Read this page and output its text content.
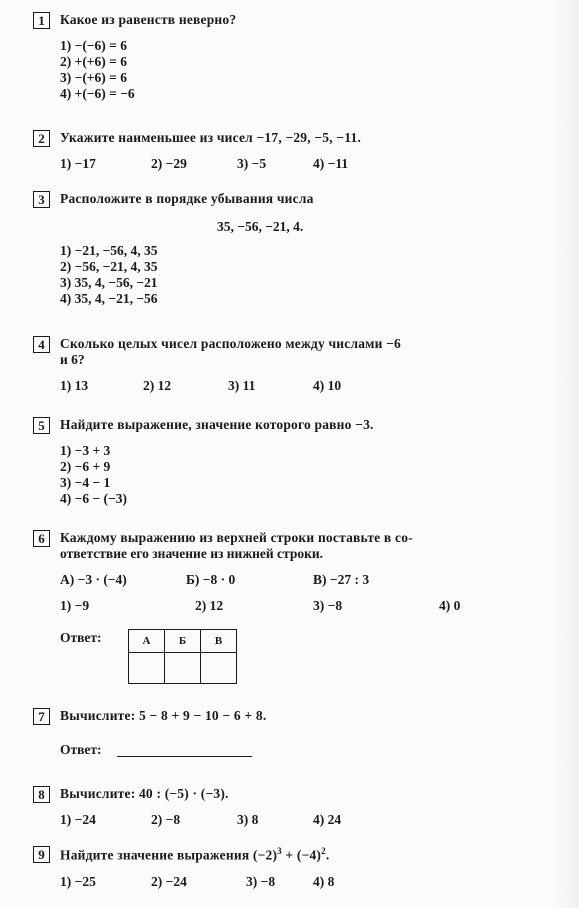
1	Какое из равенств неверно?
1) −(−6) = 6
2) +(+6) = 6
3) −(+6) = 6
4) +(−6) = −6
2	Укажите наименьшее из чисел −17, −29, −5, −11.
1) −17	2) −29	3) −5	4) −11
3	Расположите в порядке убывания числа
35, −56, −21, 4.
1) −21, −56, 4, 35
2) −56, −21, 4, 35
3) 35, 4, −56, −21
4) 35, 4, −21, −56
4	Сколько целых чисел расположено между числами −6
и 6?
1) 13	2) 12	3) 11	4) 10
5	Найдите выражение, значение которого равно −3.
1) −3 + 3
2) −6 + 9
3) −4 − 1
4) −6 − (−3)
6	Каждому выражению из верхней строки поставьте в со-
ответствие его значение из нижней строки.
А) −3 · (−4)	Б) −8 · 0	В) −27 : 3
1) −9	2) 12	3) −8	4) 0
Ответ:	А	Б	В

7	Вычислите: 5 − 8 + 9 − 10 − 6 + 8.
Ответ:
8	Вычислите: 40 : (−5) · (−3).
1) −24	2) −8	3) 8	4) 24
9	Найдите значение выражения $(-2)^3 + (-4)^2$.
1) −25	2) −24	3) −8	4) 8
